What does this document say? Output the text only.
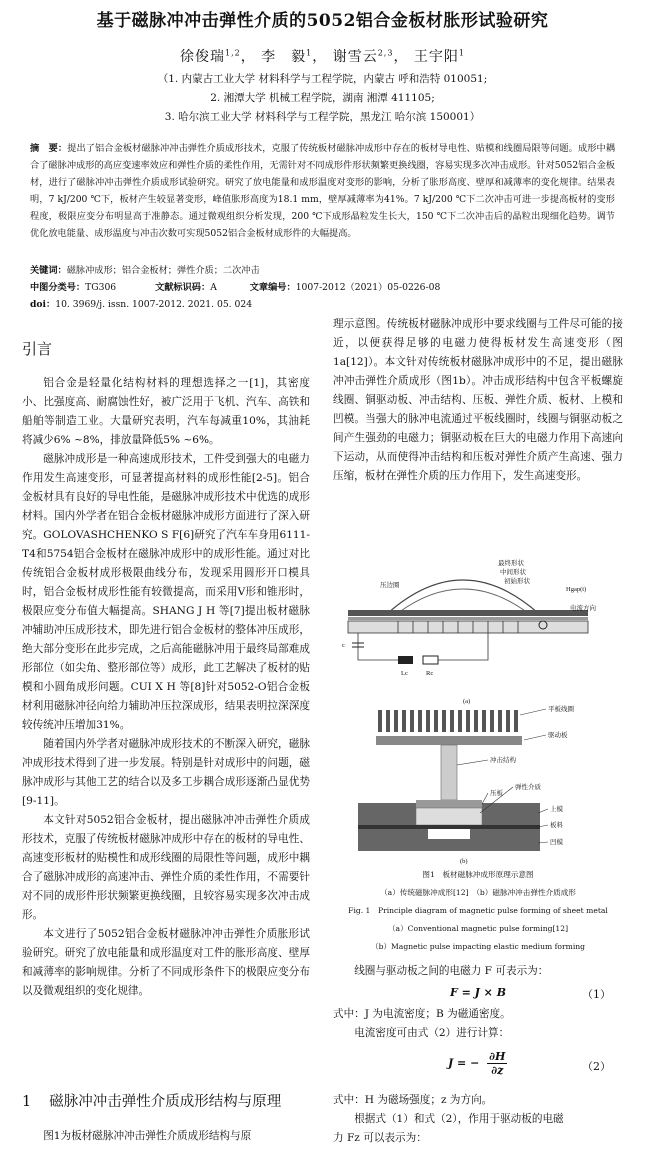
基于磁脉冲冲击弹性介质的5052铝合金板材胀形试验研究
徐俊瑞$^{1,2}$， 李　毅$^1$， 谢雪云$^{2,3}$， 王宇阳$^1$
（1. 内蒙古工业大学 材料科学与工程学院，内蒙古 呼和浩特 010051;
2. 湘潭大学 机械工程学院，湖南 湘潭 411105;
3. 哈尔滨工业大学 材料科学与工程学院，黑龙江 哈尔滨 150001）
摘　要：提出了铝合金板材磁脉冲冲击弹性介质成形技术，克服了传统板材磁脉冲成形中存在的板材导电性、贴模和线圈局限等问题。成形中耦合了磁脉冲成形的高应变速率效应和弹性介质的柔性作用，无需针对不同成形件形状频繁更换线圈，容易实现多次冲击成形。针对5052铝合金板材，进行了磁脉冲冲击弹性介质成形试验研究。研究了放电能量和成形温度对变形的影响，分析了胀形高度、壁厚和减薄率的变化规律。结果表明，7 kJ/200 ℃下，板材产生较显著变形，峰值胀形高度为18.1 mm，壁厚减薄率为41%。7 kJ/200 ℃下二次冲击可进一步提高板材的变形程度，极限应变分布明显高于准静态。通过微观组织分析发现，200 ℃下成形晶粒发生长大，150 ℃下二次冲击后的晶粒出现细化趋势。调节优化放电能量、成形温度与冲击次数可实现5052铝合金板材成形件的大幅提高。
关键词：磁脉冲成形；铝合金板材；弹性介质；二次冲击
中图分类号：TG306	文献标识码：A	文章编号：1007-2012（2021）05-0226-08
doi：10. 3969/j. issn. 1007-2012. 2021. 05. 024
引言

铝合金是轻量化结构材料的理想选择之一[1]，其密度小、比强度高、耐腐蚀性好，被广泛用于飞机、汽车、高铁和船舶等制造工业。大量研究表明，汽车每减重10%，其油耗将减少6% ~8%，排放量降低5% ~6%。

磁脉冲成形是一种高速成形技术，工件受到强大的电磁力作用发生高速变形，可显著提高材料的成形性能[2-5]。铝合金板材具有良好的导电性能，是磁脉冲成形技术中优选的成形材料。国内外学者在铝合金板材磁脉冲成形方面进行了深入研究。GOLOVASHCHENKO S F[6]研究了汽车车身用6111-T4和5754铝合金板材在磁脉冲成形中的成形性能。通过对比传统铝合金板材成形极限曲线分布，发现采用圆形开口模具时，铝合金板材成形性能有较微提高，而采用V形和锥形时，极限应变分布值大幅提高。SHANG J H 等[7]提出板材磁脉冲辅助冲压成形技术，即先进行铝合金板材的整体冲压成形，绝大部分变形在此步完成，之后高能磁脉冲用于最终局部难成形部位（如尖角、整形部位等）成形，此工艺解决了板材的贴模和小圆角成形问题。CUI X H 等[8]针对5052-O铝合金板材利用磁脉冲径向给力辅助冲压拉深成形，结果表明拉深深度较传统冲压增加31%。

随着国内外学者对磁脉冲成形技术的不断深入研究，磁脉冲成形技术得到了进一步发展。特别是针对成形中的问题，磁脉冲成形与其他工艺的结合以及多工步耦合成形逐渐凸显优势[9-11]。

本文针对5052铝合金板材，提出磁脉冲冲击弹性介质成形技术，克服了传统板材磁脉冲成形中存在的板材的导电性、高速变形板材的贴模性和成形线圈的局限性等问题，成形中耦合了磁脉冲成形的高速冲击、弹性介质的柔性作用，不需要针对不同的成形件形状频繁更换线圈，且较容易实现多次冲击成形。

本文进行了5052铝合金板材磁脉冲冲击弹性介质胀形试验研究。研究了放电能量和成形温度对工件的胀形高度、壁厚和减薄率的影响规律。分析了不同成形条件下的极限应变分布以及微观组织的变化规律。

1 磁脉冲冲击弹性介质成形结构与原理

图1为板材磁脉冲冲击弹性介质成形结构与原

理示意图。传统板材磁脉冲成形中要求线圈与工件尽可能的接近，以便获得足够的电磁力使得板材发生高速变形（图1a[12]）。本文针对传统板材磁脉冲成形中的不足，提出磁脉冲冲击弹性介质成形（图1b）。冲击成形结构中包含平板螺旋线圈、铜驱动板、冲击结构、压板、弹性介质、板材、上模和凹模。当强大的脉冲电流通过平板线圈时，线圈与铜驱动板之间产生强劲的电磁力；铜驱动板在巨大的电磁力作用下高速向下运动，从而使得冲击结构和压板对弹性介质产生高速、强力压缩，板材在弹性介质的压力作用下，发生高速变形。

最终形状
中间形状
初始形状
压边圈
Hgap(t)
电流方向
c
Lc	Rc
(a)
平板线圈
驱动板
冲击结构
压板
弹性介质
上模
板料
凹模
(b)
图1　板材磁脉冲成形原理示意图
（a）传统磁脉冲成形[12]　（b）磁脉冲冲击弹性介质成形
Fig. 1　Principle diagram of magnetic pulse forming of sheet metal
（a）Conventional magnetic pulse forming[12]
（b）Magnetic pulse impacting elastic medium forming
线圈与驱动板之间的电磁力 F 可表示为：
F = J × B	（1）
式中：J 为电流密度；B 为磁通密度。
电流密度可由式（2）进行计算：
J = − $\frac{\partial H}{\partial z}$	（2）
式中：H 为磁场强度；z 为方向。
根据式（1）和式（2），作用于驱动板的电磁
力 Fz 可以表示为：
